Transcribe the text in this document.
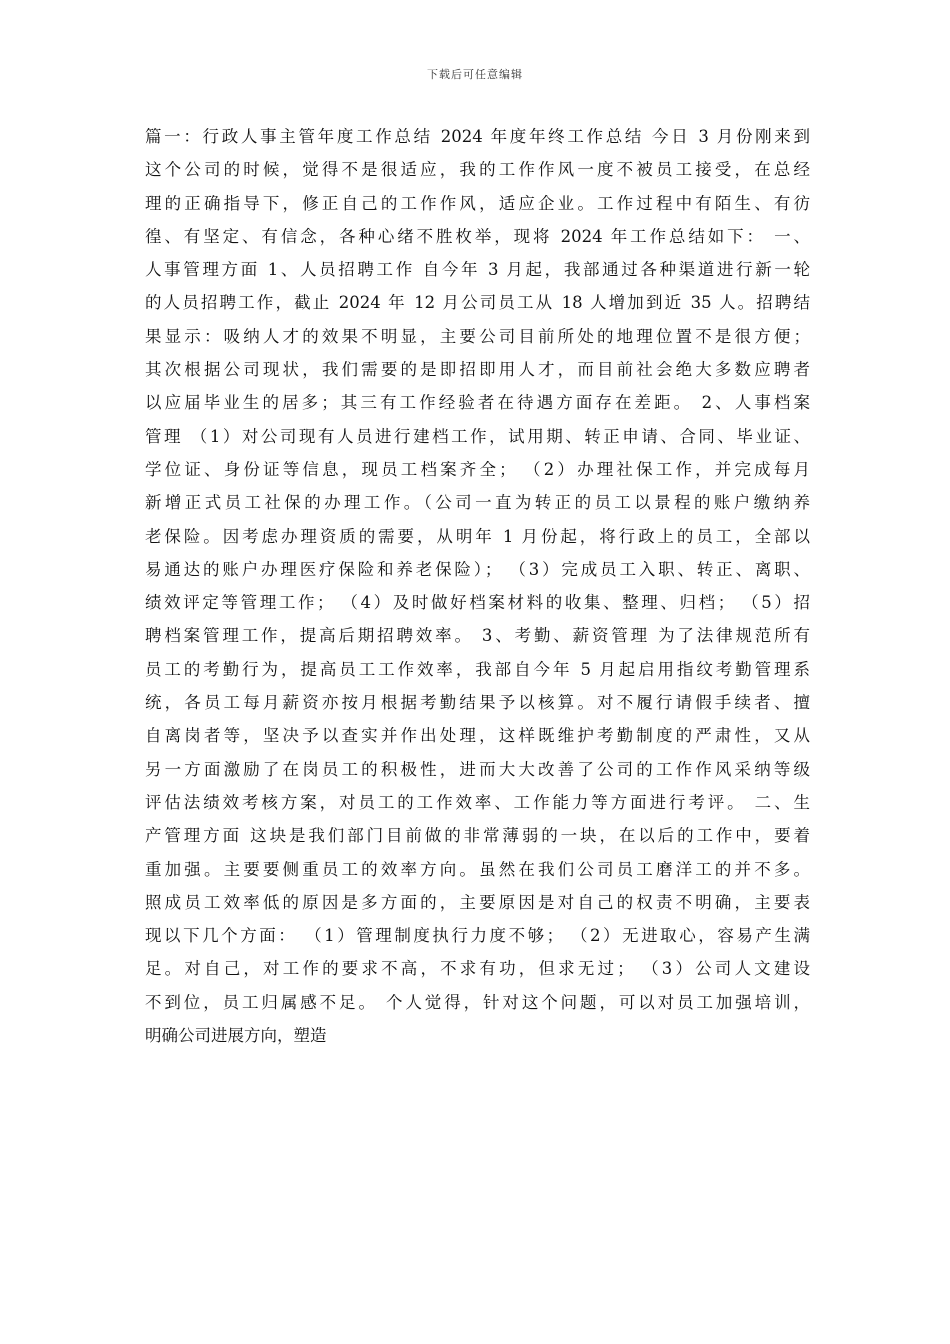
下载后可任意编辑
篇一：行政人事主管年度工作总结 2024 年度年终工作总结 今日 3 月份刚来到
这个公司的时候，觉得不是很适应，我的工作作风一度不被员工接受，在总经
理的正确指导下，修正自己的工作作风，适应企业。工作过程中有陌生、有彷
徨、有坚定、有信念，各种心绪不胜枚举，现将 2024 年工作总结如下： 一、
人事管理方面 1、人员招聘工作 自今年 3 月起，我部通过各种渠道进行新一轮
的人员招聘工作，截止 2024 年 12 月公司员工从 18 人增加到近 35 人。招聘结
果显示：吸纳人才的效果不明显，主要公司目前所处的地理位置不是很方便；
其次根据公司现状，我们需要的是即招即用人才，而目前社会绝大多数应聘者
以应届毕业生的居多；其三有工作经验者在待遇方面存在差距。 2、人事档案
管理 （1）对公司现有人员进行建档工作，试用期、转正申请、合同、毕业证、
学位证、身份证等信息，现员工档案齐全； （2）办理社保工作，并完成每月
新增正式员工社保的办理工作。（公司一直为转正的员工以景程的账户缴纳养
老保险。因考虑办理资质的需要，从明年 1 月份起，将行政上的员工，全部以
易通达的账户办理医疗保险和养老保险）； （3）完成员工入职、转正、离职、
绩效评定等管理工作； （4）及时做好档案材料的收集、整理、归档； （5）招
聘档案管理工作，提高后期招聘效率。 3、考勤、薪资管理 为了法律规范所有
员工的考勤行为，提高员工工作效率，我部自今年 5 月起启用指纹考勤管理系
统，各员工每月薪资亦按月根据考勤结果予以核算。对不履行请假手续者、擅
自离岗者等，坚决予以查实并作出处理，这样既维护考勤制度的严肃性，又从
另一方面激励了在岗员工的积极性，进而大大改善了公司的工作作风采纳等级
评估法绩效考核方案，对员工的工作效率、工作能力等方面进行考评。 二、生
产管理方面 这块是我们部门目前做的非常薄弱的一块，在以后的工作中，要着
重加强。主要要侧重员工的效率方向。虽然在我们公司员工磨洋工的并不多。
照成员工效率低的原因是多方面的，主要原因是对自己的权责不明确，主要表
现以下几个方面： （1）管理制度执行力度不够； （2）无进取心，容易产生满
足。对自己，对工作的要求不高，不求有功，但求无过； （3）公司人文建设
不到位，员工归属感不足。 个人觉得，针对这个问题，可以对员工加强培训，
明确公司进展方向，塑造
